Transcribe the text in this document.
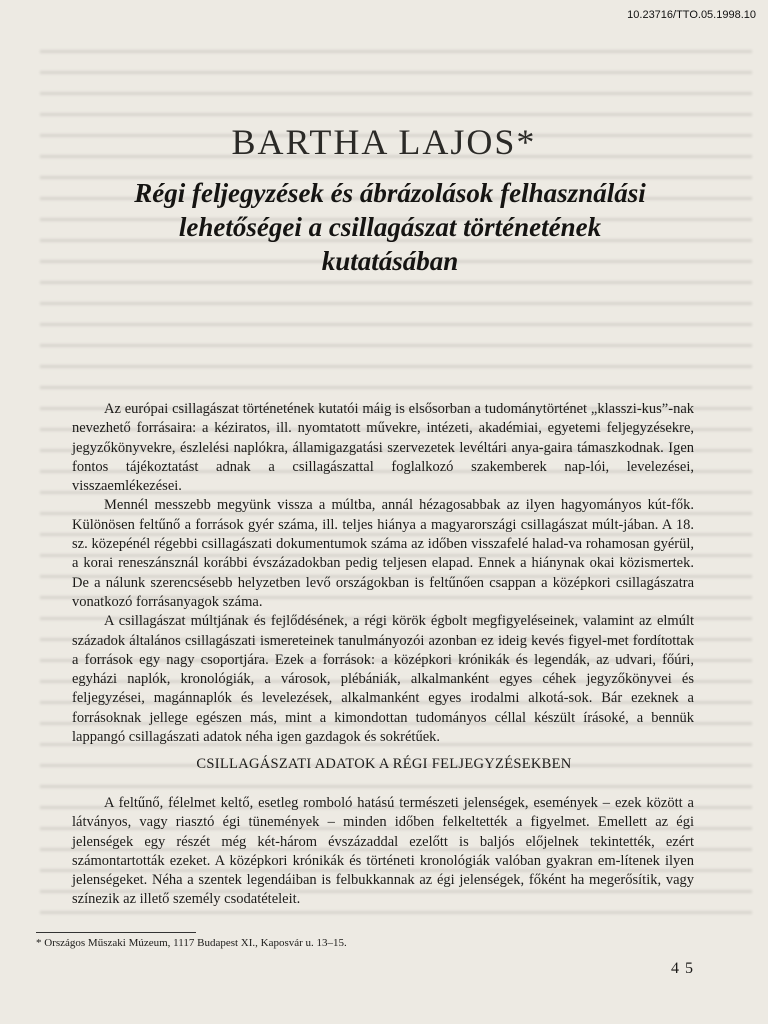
10.23716/TTO.05.1998.10
BARTHA LAJOS*
Régi feljegyzések és ábrázolások felhasználási
lehetőségei a csillagászat történetének
kutatásában

Az európai csillagászat történetének kutatói máig is elsősorban a tudománytörténet „klasszi-kus”-nak nevezhető forrásaira: a kéziratos, ill. nyomtatott művekre, intézeti, akadémiai, egyetemi feljegyzésekre, jegyzőkönyvekre, észlelési naplókra, államigazgatási szervezetek levéltári anya-gaira támaszkodnak. Igen fontos tájékoztatást adnak a csillagászattal foglalkozó szakemberek nap-lói, levelezései, visszaemlékezései.

Mennél messzebb megyünk vissza a múltba, annál hézagosabbak az ilyen hagyományos kút-fők. Különösen feltűnő a források gyér száma, ill. teljes hiánya a magyarországi csillagászat múlt-jában. A 18. sz. közepénél régebbi csillagászati dokumentumok száma az időben visszafelé halad-va rohamosan gyérül, a korai reneszánsznál korábbi évszázadokban pedig teljesen elapad. Ennek a hiánynak okai közismertek. De a nálunk szerencsésebb helyzetben levő országokban is feltűnően csappan a középkori csillagászatra vonatkozó forrásanyagok száma.

A csillagászat múltjának és fejlődésének, a régi körök égbolt megfigyeléseinek, valamint az elmúlt századok általános csillagászati ismereteinek tanulmányozói azonban ez ideig kevés figyel-met fordítottak a források egy nagy csoportjára. Ezek a források: a középkori krónikák és legendák, az udvari, főúri, egyházi naplók, kronológiák, a városok, plébániák, alkalmanként egyes céhek jegyzőkönyvei és feljegyzései, magánnaplók és levelezések, alkalmanként egyes irodalmi alkotá-sok. Bár ezeknek a forrásoknak jellege egészen más, mint a kimondottan tudományos céllal készült írásoké, a bennük lappangó csillagászati adatok néha igen gazdagok és sokrétűek.

CSILLAGÁSZATI ADATOK A RÉGI FELJEGYZÉSEKBEN

A feltűnő, félelmet keltő, esetleg romboló hatású természeti jelenségek, események – ezek között a látványos, vagy riasztó égi tünemények – minden időben felkeltették a figyelmet. Emellett az égi jelenségek egy részét még két-három évszázaddal ezelőtt is baljós előjelnek tekintették, ezért számontartották ezeket. A középkori krónikák és történeti kronológiák valóban gyakran em-lítenek ilyen jelenségeket. Néha a szentek legendáiban is felbukkannak az égi jelenségek, főként ha megerősítik, vagy színezik az illető személy csodatételeit.

* Országos Műszaki Múzeum, 1117 Budapest XI., Kaposvár u. 13–15.
4 5
